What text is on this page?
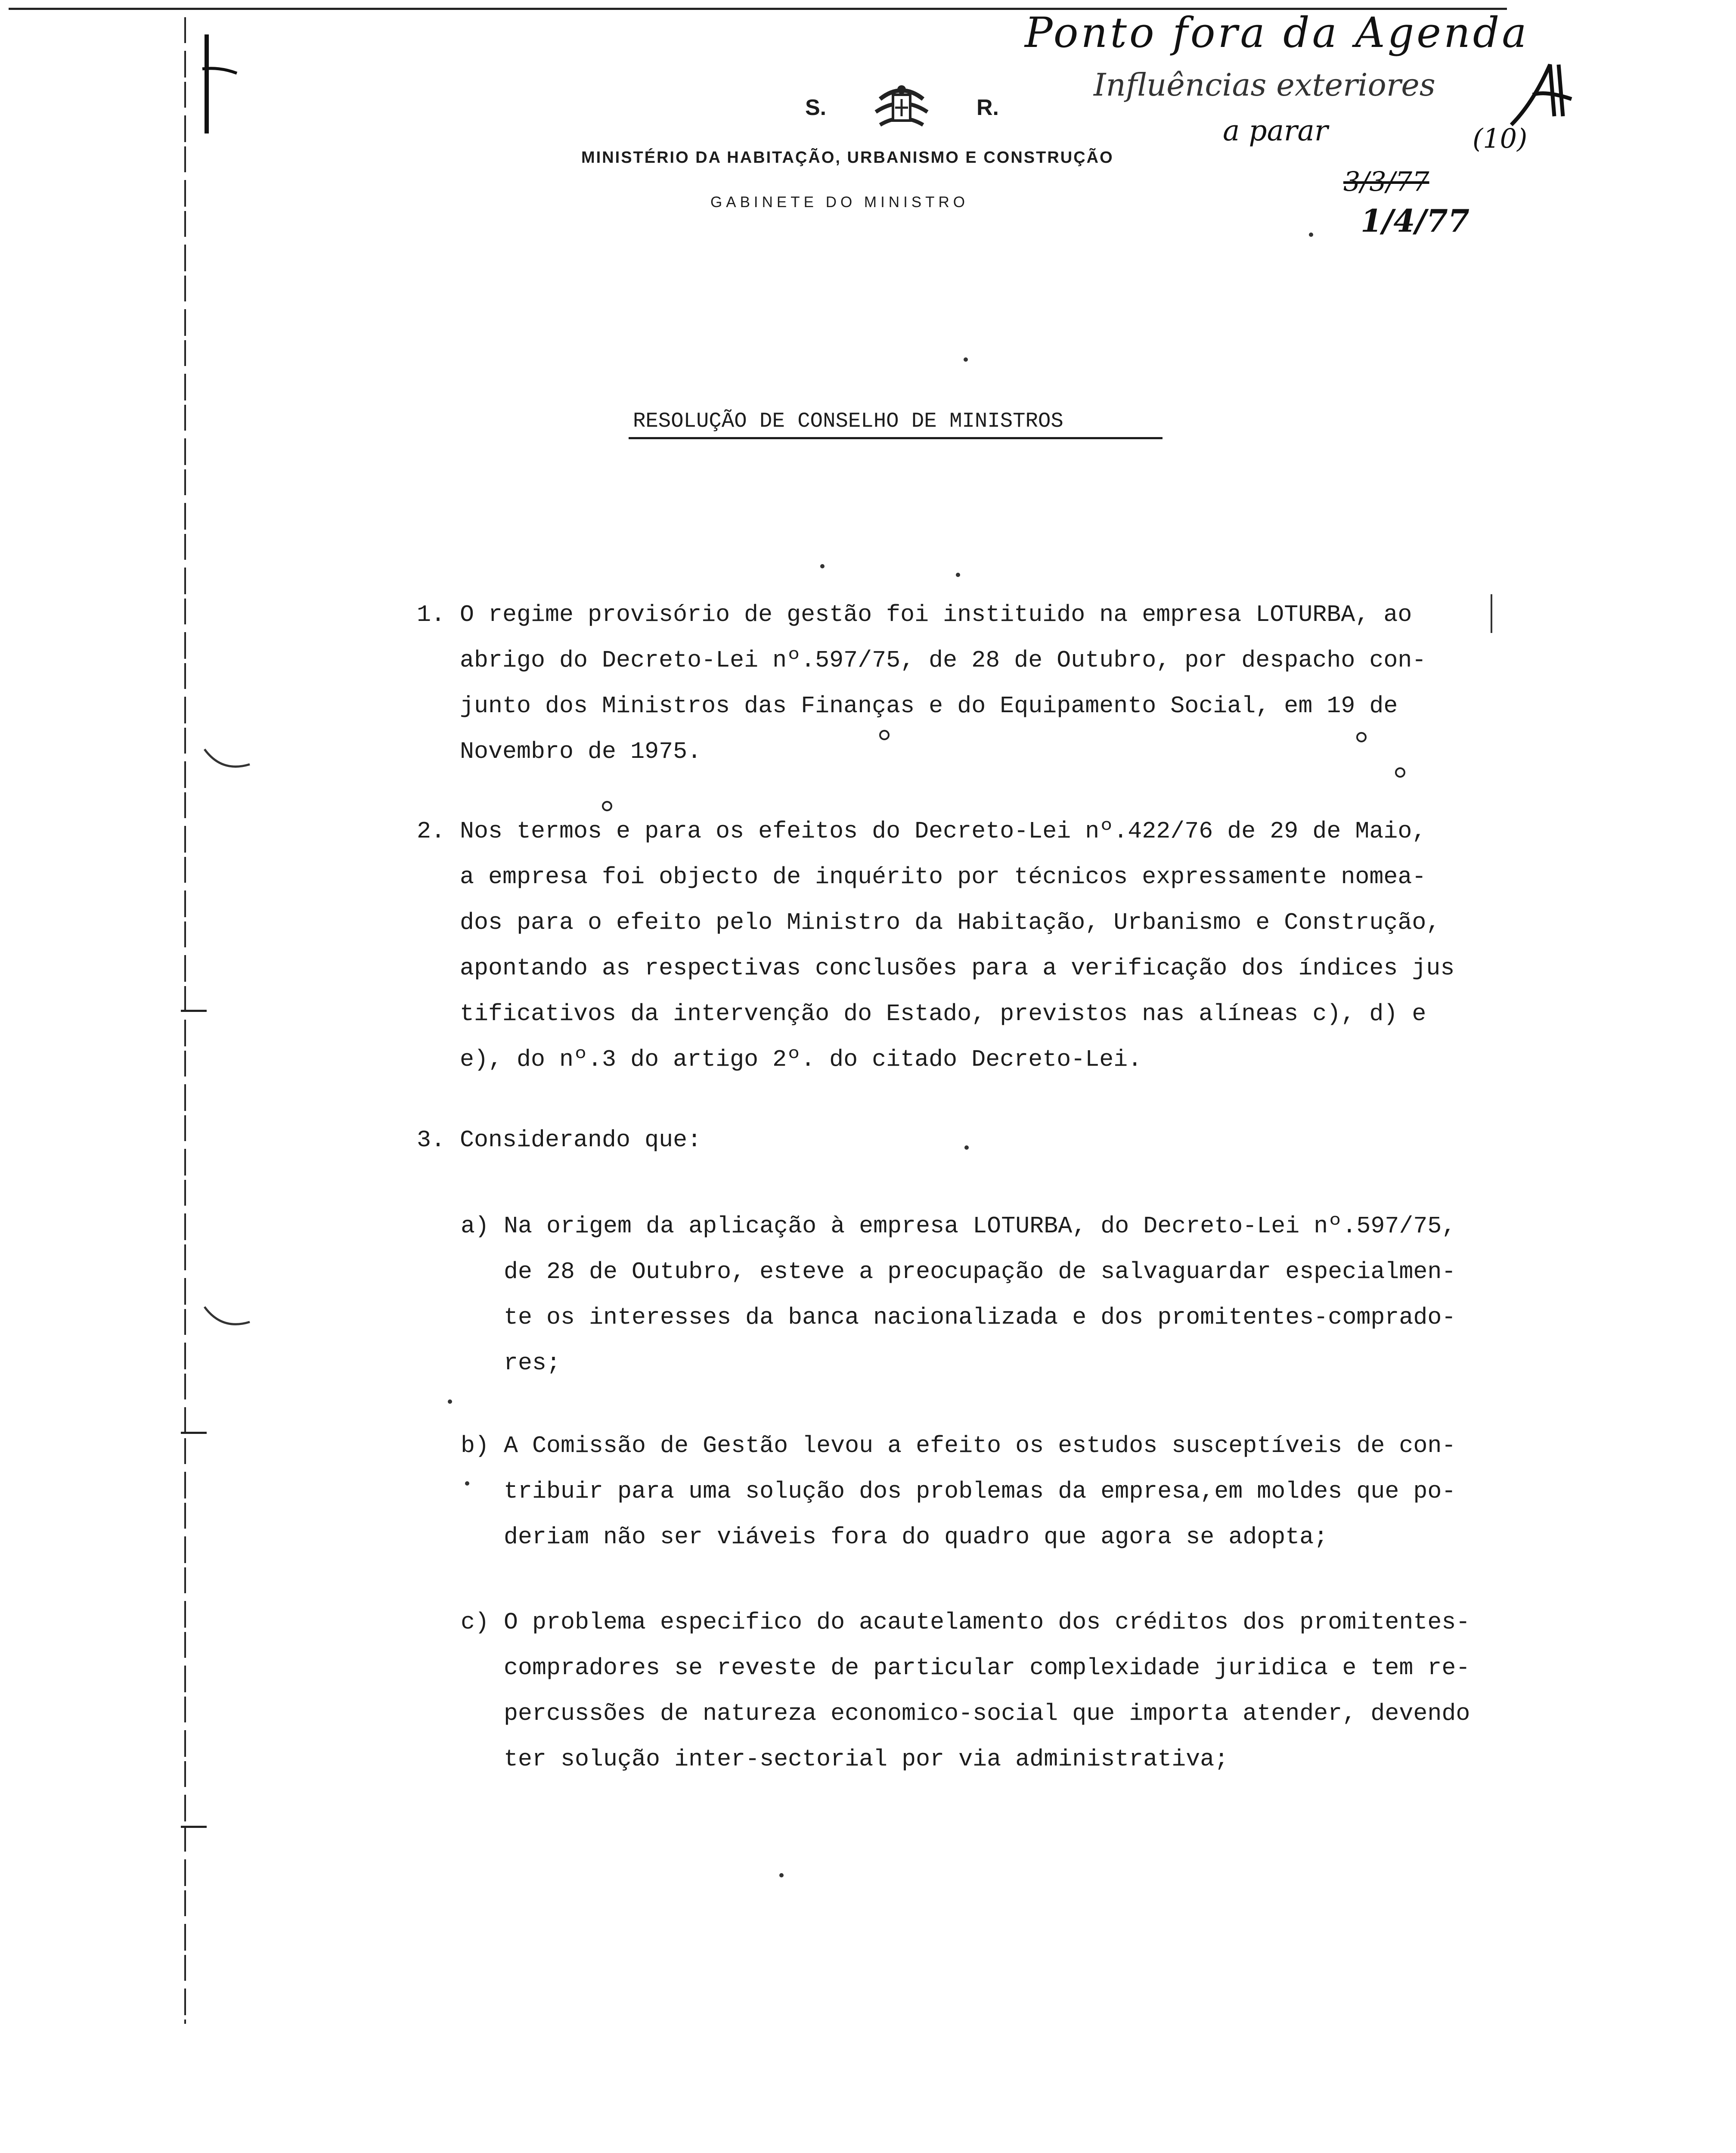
S.	R.
MINISTÉRIO DA HABITAÇÃO, URBANISMO E CONSTRUÇÃO
GABINETE DO MINISTRO
Ponto fora da Agenda
Influências exteriores
a parar	(10)
3/3/77
1/4/77
RESOLUÇÃO DE CONSELHO DE MINISTROS
1. O regime provisório de gestão foi instituido na empresa LOTURBA, ao
abrigo do Decreto-Lei nº.597/75, de 28 de Outubro, por despacho con-
junto dos Ministros das Finanças e do Equipamento Social, em 19 de
Novembro de 1975.
2. Nos termos e para os efeitos do Decreto-Lei nº.422/76 de 29 de Maio,
a empresa foi objecto de inquérito por técnicos expressamente nomea-
dos para o efeito pelo Ministro da Habitação, Urbanismo e Construção,
apontando as respectivas conclusões para a verificação dos índices jus
tificativos da intervenção do Estado, previstos nas alíneas c), d) e
e), do nº.3 do artigo 2º. do citado Decreto-Lei.
3. Considerando que:
a) Na origem da aplicação à empresa LOTURBA, do Decreto-Lei nº.597/75,
de 28 de Outubro, esteve a preocupação de salvaguardar especialmen-
te os interesses da banca nacionalizada e dos promitentes-comprado-
res;
b) A Comissão de Gestão levou a efeito os estudos susceptíveis de con-
tribuir para uma solução dos problemas da empresa,em moldes que po-
deriam não ser viáveis fora do quadro que agora se adopta;
c) O problema especifico do acautelamento dos créditos dos promitentes-
compradores se reveste de particular complexidade juridica e tem re-
percussões de natureza economico-social que importa atender, devendo
ter solução inter-sectorial por via administrativa;
